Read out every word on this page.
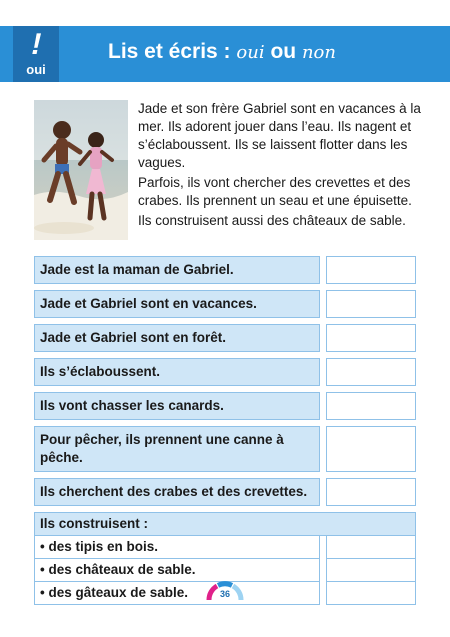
!
oui
Lis et écris : oui ou non

Jade et son frère Gabriel sont en vacances à la mer. Ils adorent jouer dans l’eau. Ils nagent et s’éclaboussent. Ils se laissent flotter dans les vagues.

Parfois, ils vont chercher des crevettes et des crabes. Ils prennent un seau et une épuisette.

Ils construisent aussi des châteaux de sable.

Jade est la maman de Gabriel.
Jade et Gabriel sont en vacances.
Jade et Gabriel sont en forêt.
Ils s’éclaboussent.
Ils vont chasser les canards.
Pour pêcher, ils prennent une canne à pêche.
Ils cherchent des crabes et des crevettes.
Ils construisent :
• des tipis en bois.
• des châteaux de sable.
• des gâteaux de sable.	36
